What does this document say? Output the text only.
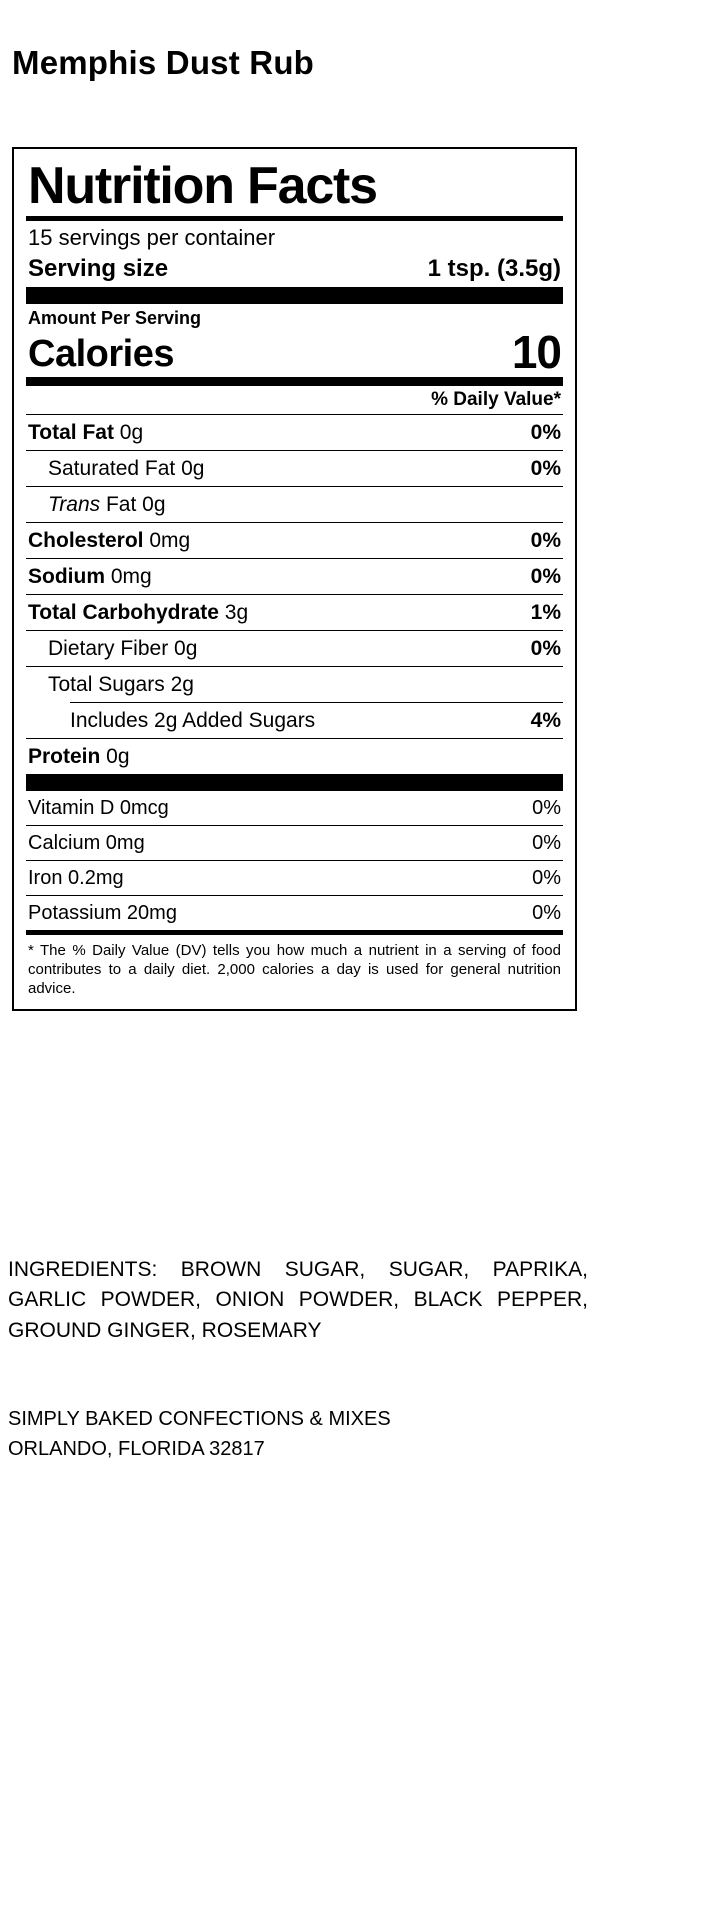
Memphis Dust Rub
Nutrition Facts
15 servings per container
Serving size	1 tsp. (3.5g)
Amount Per Serving
Calories	10
% Daily Value*
Total Fat 0g	0%
Saturated Fat 0g	0%
Trans Fat 0g
Cholesterol 0mg	0%
Sodium 0mg	0%
Total Carbohydrate 3g	1%
Dietary Fiber 0g	0%
Total Sugars 2g
Includes 2g Added Sugars	4%
Protein 0g
Vitamin D 0mcg	0%
Calcium 0mg	0%
Iron 0.2mg	0%
Potassium 20mg	0%
* The % Daily Value (DV) tells you how much a nutrient in a serving of food contributes to a daily diet. 2,000 calories a day is used for general nutrition advice.
INGREDIENTS: BROWN SUGAR, SUGAR, PAPRIKA, GARLIC POWDER, ONION POWDER, BLACK PEPPER, GROUND GINGER, ROSEMARY
SIMPLY BAKED CONFECTIONS & MIXES
ORLANDO, FLORIDA 32817
